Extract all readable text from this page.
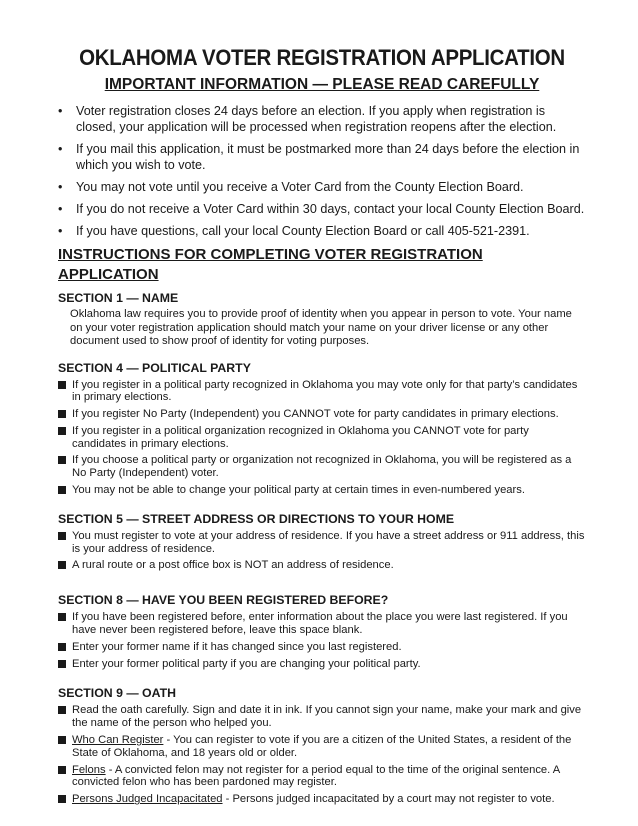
OKLAHOMA VOTER REGISTRATION APPLICATION
IMPORTANT INFORMATION — PLEASE READ CAREFULLY
• Voter registration closes 24 days before an election. If you apply when registration is closed, your application will be processed when registration reopens after the election.
• If you mail this application, it must be postmarked more than 24 days before the election in which you wish to vote.
• You may not vote until you receive a Voter Card from the County Election Board.
• If you do not receive a Voter Card within 30 days, contact your local County Election Board.
• If you have questions, call your local County Election Board or call 405-521-2391.
INSTRUCTIONS FOR COMPLETING VOTER REGISTRATION APPLICATION
SECTION 1 — NAME

Oklahoma law requires you to provide proof of identity when you appear in person to vote. Your name on your voter registration application should match your name on your driver license or any other document used to show proof of identity for voting purposes.

SECTION 4 — POLITICAL PARTY
If you register in a political party recognized in Oklahoma you may vote only for that party’s candidates in primary elections.
If you register No Party (Independent) you CANNOT vote for party candidates in primary elections.
If you register in a political organization recognized in Oklahoma you CANNOT vote for party candidates in primary elections.
If you choose a political party or organization not recognized in Oklahoma, you will be registered as a No Party (Independent) voter.
You may not be able to change your political party at certain times in even-numbered years.
SECTION 5 — STREET ADDRESS OR DIRECTIONS TO YOUR HOME
You must register to vote at your address of residence. If you have a street address or 911 address, this is your address of residence.
A rural route or a post office box is NOT an address of residence.
SECTION 8 — HAVE YOU BEEN REGISTERED BEFORE?
If you have been registered before, enter information about the place you were last registered. If you have never been registered before, leave this space blank.
Enter your former name if it has changed since you last registered.
Enter your former political party if you are changing your political party.
SECTION 9 — OATH
Read the oath carefully. Sign and date it in ink. If you cannot sign your name, make your mark and give the name of the person who helped you.
Who Can Register - You can register to vote if you are a citizen of the United States, a resident of the State of Oklahoma, and 18 years old or older.
Felons - A convicted felon may not register for a period equal to the time of the original sentence. A convicted felon who has been pardoned may register.
Persons Judged Incapacitated - Persons judged incapacitated by a court may not register to vote.
